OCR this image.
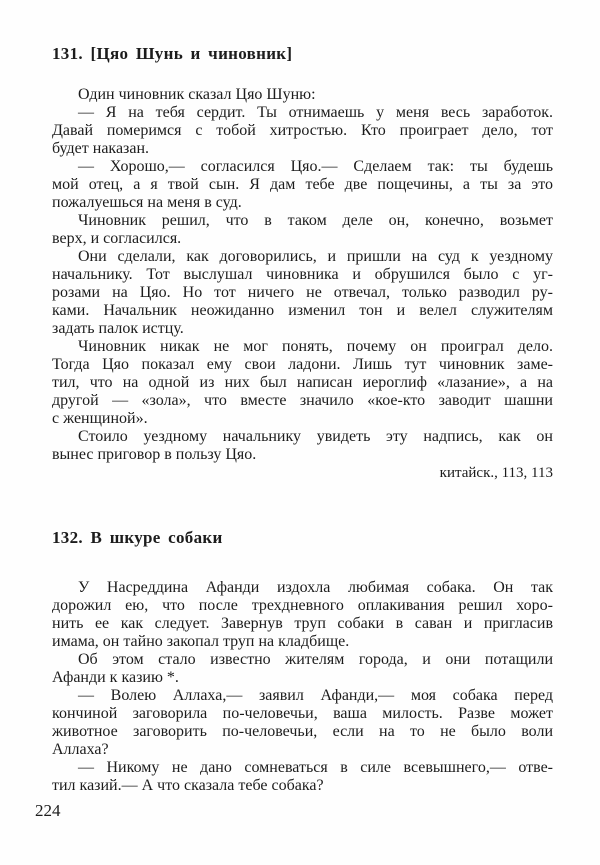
131. [Цяо Шунь и чиновник]
Один чиновник сказал Цяо Шуню:
— Я на тебя сердит. Ты отнимаешь у меня весь заработок.
Давай померимся с тобой хитростью. Кто проиграет дело, тот
будет наказан.
— Хорошо,— согласился Цяо.— Сделаем так: ты будешь
мой отец, а я твой сын. Я дам тебе две пощечины, а ты за это
пожалуешься на меня в суд.
Чиновник решил, что в таком деле он, конечно, возьмет
верх, и согласился.
Они сделали, как договорились, и пришли на суд к уездному
начальнику. Тот выслушал чиновника и обрушился было с уг-
розами на Цяо. Но тот ничего не отвечал, только разводил ру-
ками. Начальник неожиданно изменил тон и велел служителям
задать палок истцу.
Чиновник никак не мог понять, почему он проиграл дело.
Тогда Цяо показал ему свои ладони. Лишь тут чиновник заме-
тил, что на одной из них был написан иероглиф «лазание», а на
другой — «зола», что вместе значило «кое-кто заводит шашни
с женщиной».
Стоило уездному начальнику увидеть эту надпись, как он
вынес приговор в пользу Цяо.
китайск., 113, 113
132. В шкуре собаки
У Насреддина Афанди издохла любимая собака. Он так
дорожил ею, что после трехдневного оплакивания решил хоро-
нить ее как следует. Завернув труп собаки в саван и пригласив
имама, он тайно закопал труп на кладбище.
Об этом стало известно жителям города, и они потащили
Афанди к казию *.
— Волею Аллаха,— заявил Афанди,— моя собака перед
кончиной заговорила по-человечьи, ваша милость. Разве может
животное заговорить по-человечьи, если на то не было воли
Аллаха?
— Никому не дано сомневаться в силе всевышнего,— отве-
тил казий.— А что сказала тебе собака?
224
